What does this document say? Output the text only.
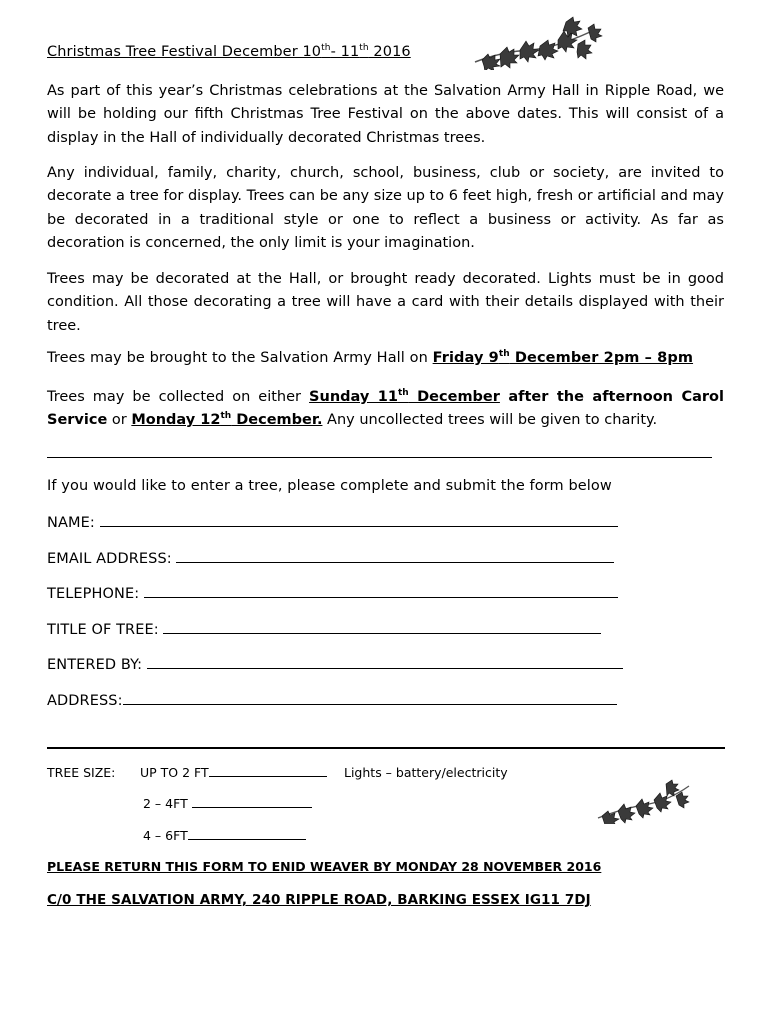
Christmas Tree Festival December 10th- 11th 2016
As part of this year’s Christmas celebrations at the Salvation Army Hall in Ripple Road, we will be holding our fifth Christmas Tree Festival on the above dates. This will consist of a display in the Hall of individually decorated Christmas trees.
Any individual, family, charity, church, school, business, club or society, are invited to decorate a tree for display. Trees can be any size up to 6 feet high, fresh or artificial and may be decorated in a traditional style or one to reflect a business or activity. As far as decoration is concerned, the only limit is your imagination.
Trees may be decorated at the Hall, or brought ready decorated. Lights must be in good condition. All those decorating a tree will have a card with their details displayed with their tree.
Trees may be brought to the Salvation Army Hall on Friday 9th December 2pm – 8pm
Trees may be collected on either Sunday 11th December after the afternoon Carol Service or Monday 12th December. Any uncollected trees will be given to charity.
If you would like to enter a tree, please complete and submit the form below
NAME:
EMAIL ADDRESS:
TELEPHONE:
TITLE OF TREE:
ENTERED BY:
ADDRESS:
TREE SIZE: UP TO 2 FT	Lights – battery/electricity
2 – 4FT
4 – 6FT
PLEASE RETURN THIS FORM TO ENID WEAVER BY MONDAY 28 NOVEMBER 2016
C/0 THE SALVATION ARMY, 240 RIPPLE ROAD, BARKING ESSEX IG11 7DJ
